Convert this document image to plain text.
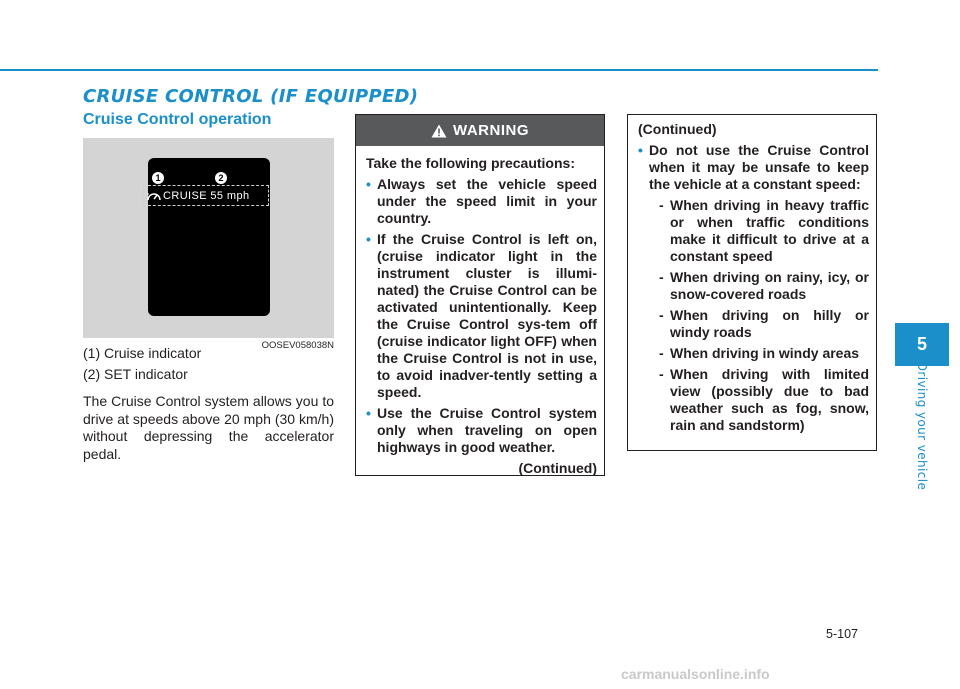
CRUISE CONTROL (IF EQUIPPED)
Cruise Control operation
1	2
CRUISE 55 mph
OOSEV058038N

(1) Cruise indicator

(2) SET indicator

The Cruise Control system allows you to drive at speeds above 20 mph (30 km/h) without depressing the accelerator pedal.

WARNING

Take the following precautions:

• Always set the vehicle speed under the speed limit in your country.
• If the Cruise Control is left on, (cruise indicator light in the instrument cluster is illumi-nated) the Cruise Control can be activated unintentionally. Keep the Cruise Control sys-tem off (cruise indicator light OFF) when the Cruise Control is not in use, to avoid inadver-tently setting a speed.
• Use the Cruise Control system only when traveling on open highways in good weather.

(Continued)

(Continued)

• Do not use the Cruise Control when it may be unsafe to keep the vehicle at a constant speed:
- When driving in heavy traffic or when traffic conditions make it difficult to drive at a constant speed
- When driving on rainy, icy, or snow-covered roads
- When driving on hilly or windy roads
- When driving in windy areas
- When driving with limited view (possibly due to bad weather such as fog, snow, rain and sandstorm)
5
Driving your vehicle
5-107
carmanualsonline.info
